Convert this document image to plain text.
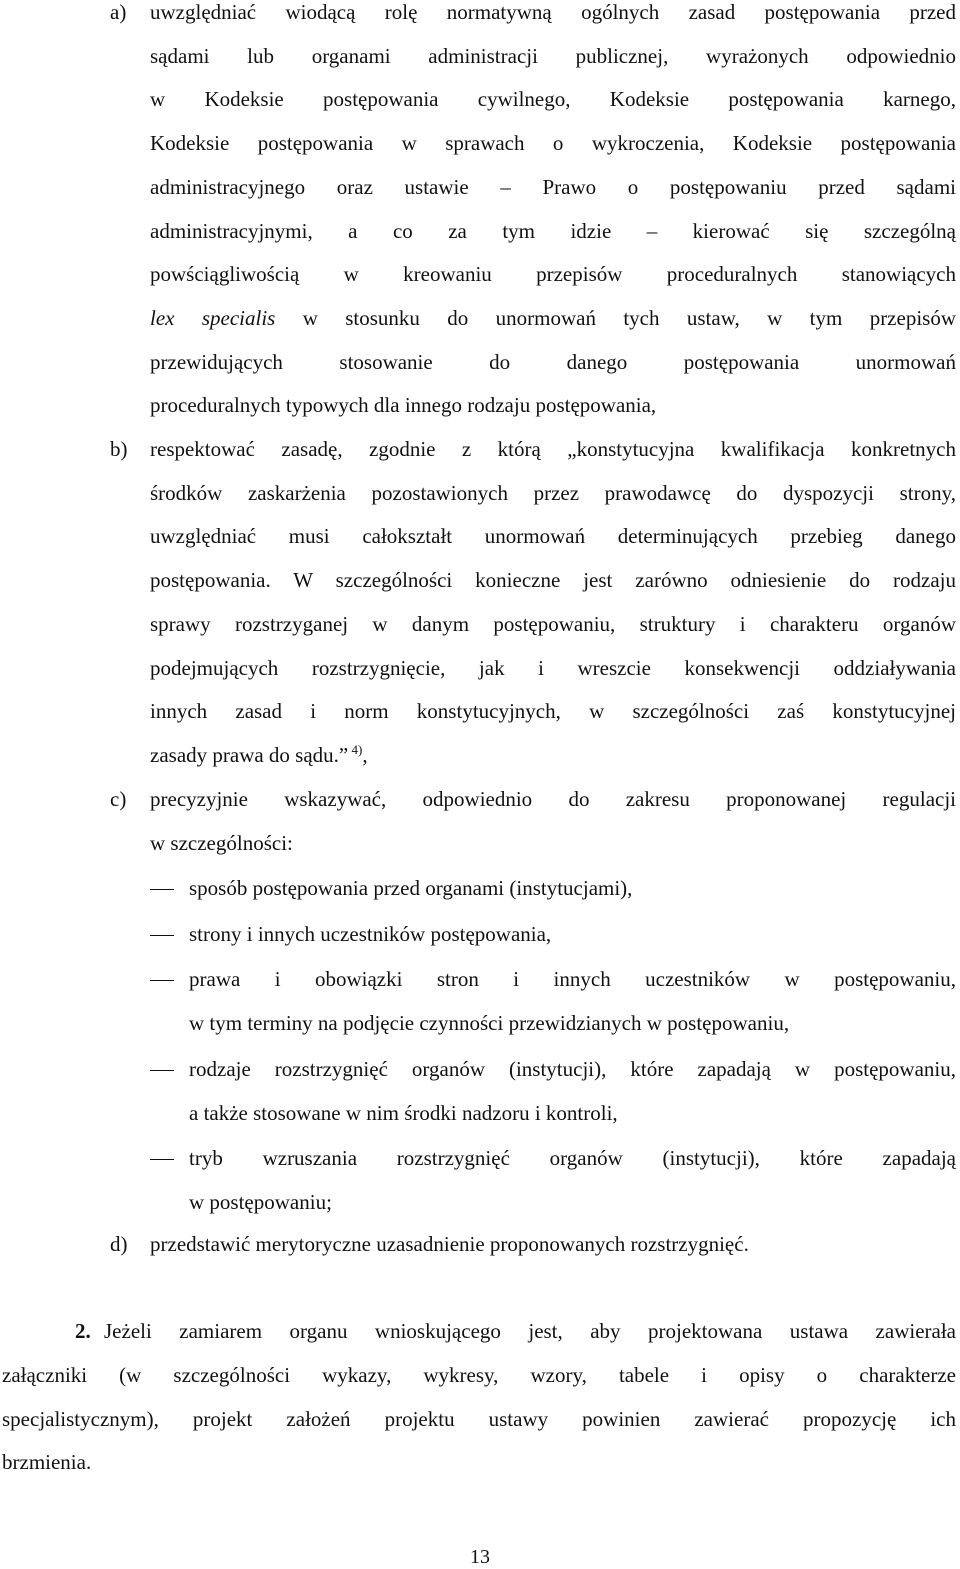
a) uwzględniać wiodącą rolę normatywną ogólnych zasad postępowania przed
sądami lub organami administracji publicznej, wyrażonych odpowiednio
w Kodeksie postępowania cywilnego, Kodeksie postępowania karnego,
Kodeksie postępowania w sprawach o wykroczenia, Kodeksie postępowania
administracyjnego oraz ustawie – Prawo o postępowaniu przed sądami
administracyjnymi, a co za tym idzie – kierować się szczególną
powściągliwością w kreowaniu przepisów proceduralnych stanowiących
lex specialis w stosunku do unormowań tych ustaw, w tym przepisów
przewidujących stosowanie do danego postępowania unormowań
proceduralnych typowych dla innego rodzaju postępowania,
b) respektować zasadę, zgodnie z którą „konstytucyjna kwalifikacja konkretnych
środków zaskarżenia pozostawionych przez prawodawcę do dyspozycji strony,
uwzględniać musi całokształt unormowań determinujących przebieg danego
postępowania. W szczególności konieczne jest zarówno odniesienie do rodzaju
sprawy rozstrzyganej w danym postępowaniu, struktury i charakteru organów
podejmujących rozstrzygnięcie, jak i wreszcie konsekwencji oddziaływania
innych zasad i norm konstytucyjnych, w szczególności zaś konstytucyjnej
zasady prawa do sądu.” $^{4)}$,
c) precyzyjnie wskazywać, odpowiednio do zakresu proponowanej regulacji
w szczególności:
sposób postępowania przed organami (instytucjami),
strony i innych uczestników postępowania,
prawa i obowiązki stron i innych uczestników w postępowaniu,
w tym terminy na podjęcie czynności przewidzianych w postępowaniu,
rodzaje rozstrzygnięć organów (instytucji), które zapadają w postępowaniu,
a także stosowane w nim środki nadzoru i kontroli,
tryb wzruszania rozstrzygnięć organów (instytucji), które zapadają
w postępowaniu;
d) przedstawić merytoryczne uzasadnienie proponowanych rozstrzygnięć.
2. Jeżeli zamiarem organu wnioskującego jest, aby projektowana ustawa zawierała
załączniki (w szczególności wykazy, wykresy, wzory, tabele i opisy o charakterze
specjalistycznym), projekt założeń projektu ustawy powinien zawierać propozycję ich
brzmienia.
13
